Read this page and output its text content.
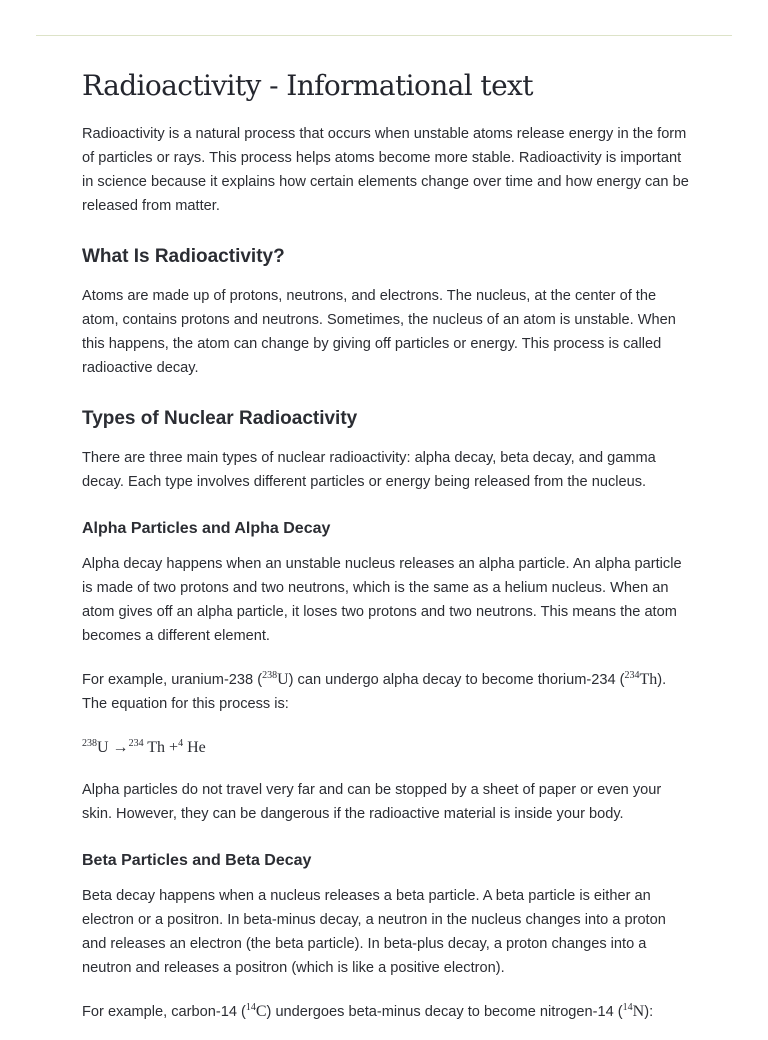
Radioactivity - Informational text

Radioactivity is a natural process that occurs when unstable atoms release energy in the form of particles or rays. This process helps atoms become more stable. Radioactivity is important in science because it explains how certain elements change over time and how energy can be released from matter.

What Is Radioactivity?

Atoms are made up of protons, neutrons, and electrons. The nucleus, at the center of the atom, contains protons and neutrons. Sometimes, the nucleus of an atom is unstable. When this happens, the atom can change by giving off particles or energy. This process is called radioactive decay.

Types of Nuclear Radioactivity

There are three main types of nuclear radioactivity: alpha decay, beta decay, and gamma decay. Each type involves different particles or energy being released from the nucleus.

Alpha Particles and Alpha Decay

Alpha decay happens when an unstable nucleus releases an alpha particle. An alpha particle is made of two protons and two neutrons, which is the same as a helium nucleus. When an atom gives off an alpha particle, it loses two protons and two neutrons. This means the atom becomes a different element.

For example, uranium-238 ($^{238}$U) can undergo alpha decay to become thorium-234 ($^{234}$Th). The equation for this process is:

$^{238}$U →$^{234}$ Th +$^4$ He

Alpha particles do not travel very far and can be stopped by a sheet of paper or even your skin. However, they can be dangerous if the radioactive material is inside your body.

Beta Particles and Beta Decay

Beta decay happens when a nucleus releases a beta particle. A beta particle is either an electron or a positron. In beta-minus decay, a neutron in the nucleus changes into a proton and releases an electron (the beta particle). In beta-plus decay, a proton changes into a neutron and releases a positron (which is like a positive electron).

For example, carbon-14 ($^{14}$C) undergoes beta-minus decay to become nitrogen-14 ($^{14}$N):
